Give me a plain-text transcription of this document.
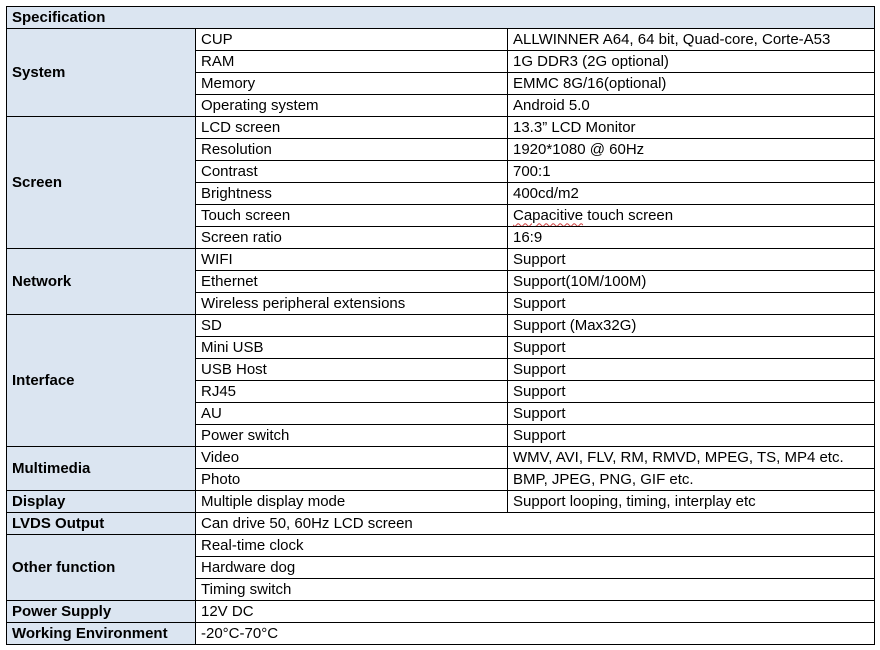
Specification		
System	CUP	ALLWINNER A64, 64 bit, Quad-core, Corte-A53
	RAM	1G DDR3 (2G optional)
	Memory	EMMC 8G/16(optional)
	Operating system	Android 5.0
Screen	LCD screen	13.3” LCD Monitor
	Resolution	1920*1080 @ 60Hz
	Contrast	700:1
	Brightness	400cd/m2
	Touch screen	Capacitive touch screen
	Screen ratio	16:9
Network	WIFI	Support
	Ethernet	Support(10M/100M)
	Wireless peripheral extensions	Support
Interface	SD	Support (Max32G)
	Mini USB	Support
	USB Host	Support
	RJ45	Support
	AU	Support
	Power switch	Support
Multimedia	Video	WMV, AVI, FLV, RM, RMVD, MPEG, TS, MP4 etc.
	Photo	BMP, JPEG, PNG, GIF etc.
Display	Multiple display mode	Support looping, timing, interplay etc
LVDS Output	Can drive 50, 60Hz LCD screen	
Other function	Real-time clock	
	Hardware dog	
	Timing switch	
Power Supply	12V DC	
Working Environment	-20°C-70°C	
